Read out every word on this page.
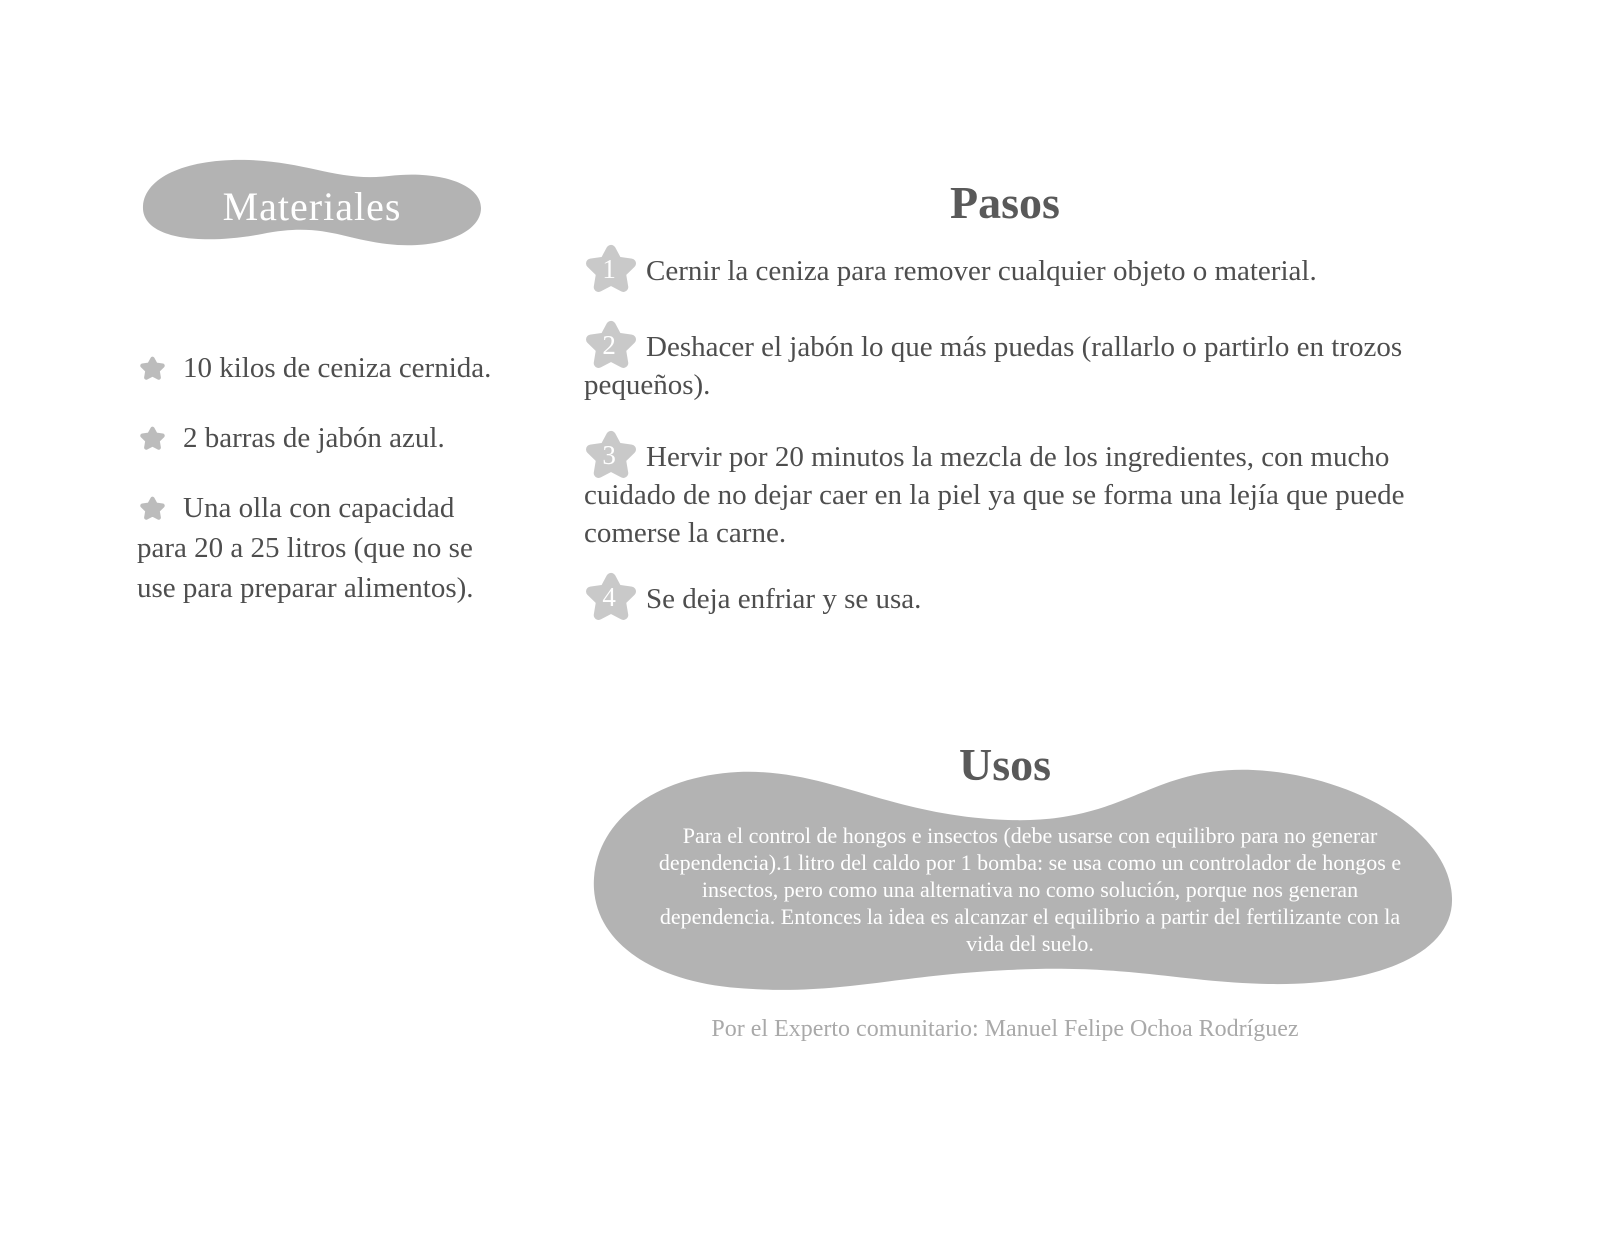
Materiales

10 kilos de ceniza cernida.

2 barras de jabón azul.

Una olla con capacidad para 20 a 25 litros (que no se use para preparar alimentos).

Pasos
1	Cernir la ceniza para remover cualquier objeto o material.

2	Deshacer el jabón lo que más puedas (rallarlo o partirlo en trozos pequeños).

3	Hervir por 20 minutos la mezcla de los ingredientes, con mucho cuidado de no dejar caer en la piel ya que se forma una lejía que puede comerse la carne.

4	Se deja enfriar y se usa.

Usos

Para el control de hongos e insectos (debe usarse con equilibro para no generar dependencia).1 litro del caldo por 1 bomba: se usa como un controlador de hongos e insectos, pero como una alternativa no como solución, porque nos generan dependencia. Entonces la idea es alcanzar el equilibrio a partir del fertilizante con la vida del suelo.

Por el Experto comunitario: Manuel Felipe Ochoa Rodríguez
